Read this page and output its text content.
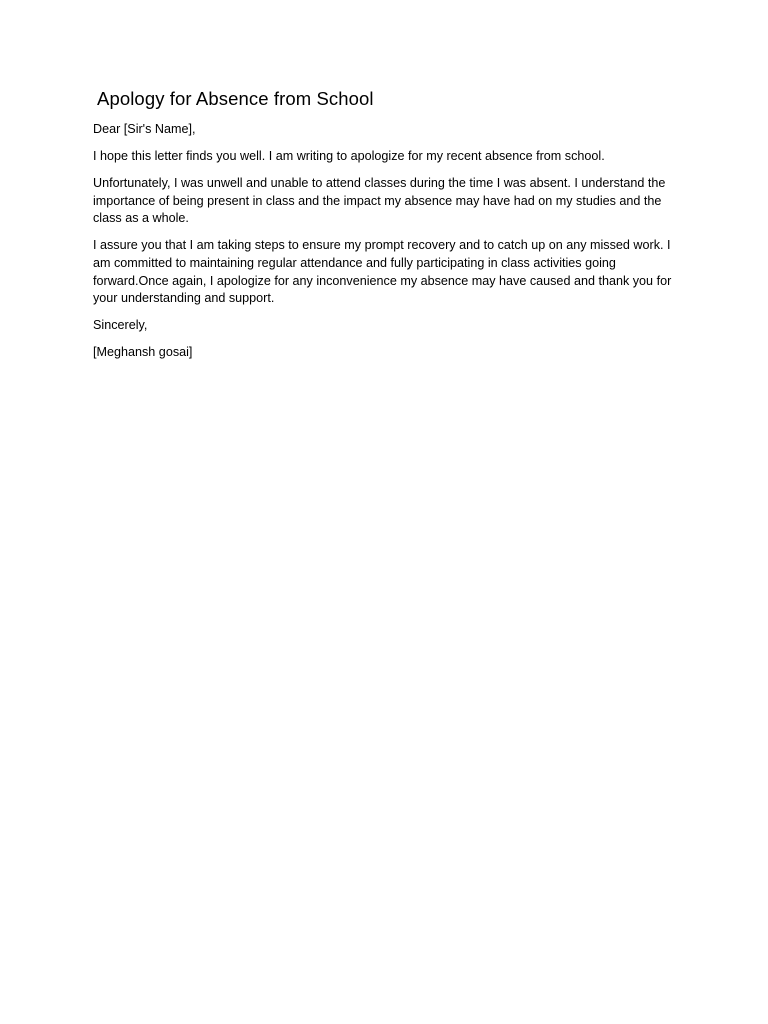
Apology for Absence from School

Dear [Sir's Name],

I hope this letter finds you well. I am writing to apologize for my recent absence from school.

Unfortunately, I was unwell and unable to attend classes during the time I was absent. I understand the importance of being present in class and the impact my absence may have had on my studies and the class as a whole.

I assure you that I am taking steps to ensure my prompt recovery and to catch up on any missed work. I am committed to maintaining regular attendance and fully participating in class activities going forward.Once again, I apologize for any inconvenience my absence may have caused and thank you for your understanding and support.

Sincerely,

[Meghansh gosai]
